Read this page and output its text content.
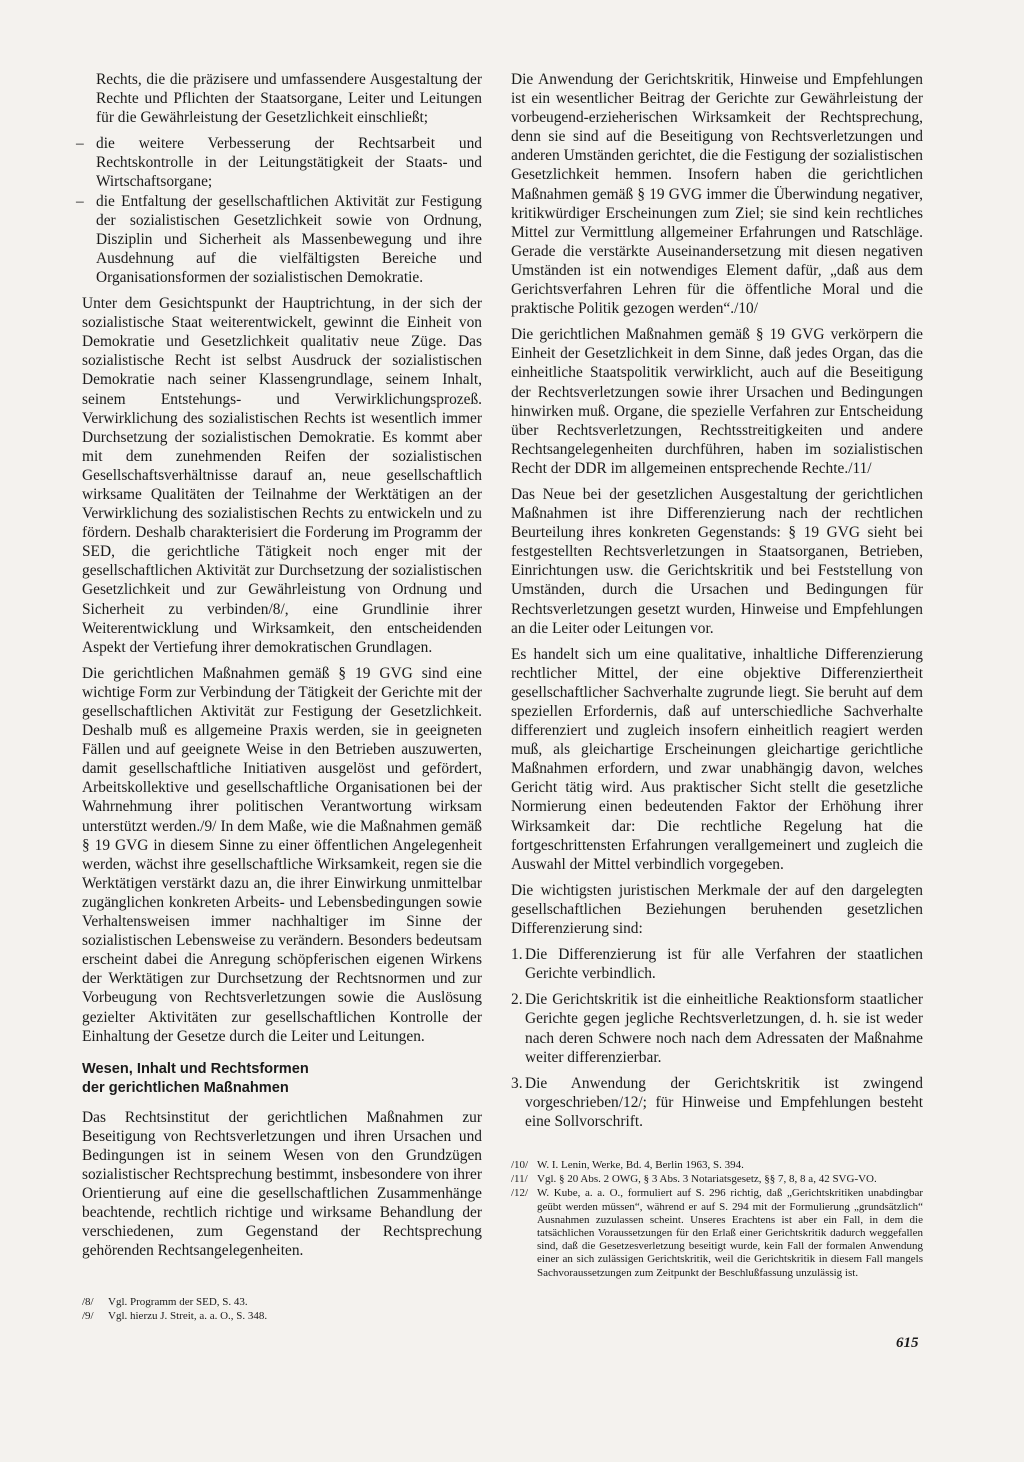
Rechts, die die präzisere und umfassendere Ausgestaltung der Rechte und Pflichten der Staatsorgane, Leiter und Leitungen für die Gewährleistung der Gesetzlichkeit einschließt;

– die weitere Verbesserung der Rechtsarbeit und Rechtskontrolle in der Leitungstätigkeit der Staats- und Wirtschaftsorgane;

– die Entfaltung der gesellschaftlichen Aktivität zur Festigung der sozialistischen Gesetzlichkeit sowie von Ordnung, Disziplin und Sicherheit als Massenbewegung und ihre Ausdehnung auf die vielfältigsten Bereiche und Organisationsformen der sozialistischen Demokratie.

Unter dem Gesichtspunkt der Hauptrichtung, in der sich der sozialistische Staat weiterentwickelt, gewinnt die Einheit von Demokratie und Gesetzlichkeit qualitativ neue Züge. Das sozialistische Recht ist selbst Ausdruck der sozialistischen Demokratie nach seiner Klassengrundlage, seinem Inhalt, seinem Entstehungs- und Verwirklichungsprozeß. Verwirklichung des sozialistischen Rechts ist wesentlich immer Durchsetzung der sozialistischen Demokratie. Es kommt aber mit dem zunehmenden Reifen der sozialistischen Gesellschaftsverhältnisse darauf an, neue gesellschaftlich wirksame Qualitäten der Teilnahme der Werktätigen an der Verwirklichung des sozialistischen Rechts zu entwickeln und zu fördern. Deshalb charakterisiert die Forderung im Programm der SED, die gerichtliche Tätigkeit noch enger mit der gesellschaftlichen Aktivität zur Durchsetzung der sozialistischen Gesetzlichkeit und zur Gewährleistung von Ordnung und Sicherheit zu verbinden/8/, eine Grundlinie ihrer Weiterentwicklung und Wirksamkeit, den entscheidenden Aspekt der Vertiefung ihrer demokratischen Grundlagen.

Die gerichtlichen Maßnahmen gemäß § 19 GVG sind eine wichtige Form zur Verbindung der Tätigkeit der Gerichte mit der gesellschaftlichen Aktivität zur Festigung der Gesetzlichkeit. Deshalb muß es allgemeine Praxis werden, sie in geeigneten Fällen und auf geeignete Weise in den Betrieben auszuwerten, damit gesellschaftliche Initiativen ausgelöst und gefördert, Arbeitskollektive und gesellschaftliche Organisationen bei der Wahrnehmung ihrer politischen Verantwortung wirksam unterstützt werden./9/ In dem Maße, wie die Maßnahmen gemäß § 19 GVG in diesem Sinne zu einer öffentlichen Angelegenheit werden, wächst ihre gesellschaftliche Wirksamkeit, regen sie die Werktätigen verstärkt dazu an, die ihrer Einwirkung unmittelbar zugänglichen konkreten Arbeits- und Lebensbedingungen sowie Verhaltensweisen immer nachhaltiger im Sinne der sozialistischen Lebensweise zu verändern. Besonders bedeutsam erscheint dabei die Anregung schöpferischen eigenen Wirkens der Werktätigen zur Durchsetzung der Rechtsnormen und zur Vorbeugung von Rechtsverletzungen sowie die Auslösung gezielter Aktivitäten zur gesellschaftlichen Kontrolle der Einhaltung der Gesetze durch die Leiter und Leitungen.

Wesen, Inhalt und Rechtsformen
der gerichtlichen Maßnahmen

Das Rechtsinstitut der gerichtlichen Maßnahmen zur Beseitigung von Rechtsverletzungen und ihren Ursachen und Bedingungen ist in seinem Wesen von den Grundzügen sozialistischer Rechtsprechung bestimmt, insbesondere von ihrer Orientierung auf eine die gesellschaftlichen Zusammenhänge beachtende, rechtlich richtige und wirksame Behandlung der verschiedenen, zum Gegenstand der Rechtsprechung gehörenden Rechtsangelegenheiten.

/8/ Vgl. Programm der SED, S. 43.

/9/ Vgl. hierzu J. Streit, a. a. O., S. 348.

Die Anwendung der Gerichtskritik, Hinweise und Empfehlungen ist ein wesentlicher Beitrag der Gerichte zur Gewährleistung der vorbeugend-erzieherischen Wirksamkeit der Rechtsprechung, denn sie sind auf die Beseitigung von Rechtsverletzungen und anderen Umständen gerichtet, die die Festigung der sozialistischen Gesetzlichkeit hemmen. Insofern haben die gerichtlichen Maßnahmen gemäß § 19 GVG immer die Überwindung negativer, kritikwürdiger Erscheinungen zum Ziel; sie sind kein rechtliches Mittel zur Vermittlung allgemeiner Erfahrungen und Ratschläge. Gerade die verstärkte Auseinandersetzung mit diesen negativen Umständen ist ein notwendiges Element dafür, „daß aus dem Gerichtsverfahren Lehren für die öffentliche Moral und die praktische Politik gezogen werden“./10/

Die gerichtlichen Maßnahmen gemäß § 19 GVG verkörpern die Einheit der Gesetzlichkeit in dem Sinne, daß jedes Organ, das die einheitliche Staatspolitik verwirklicht, auch auf die Beseitigung der Rechtsverletzungen sowie ihrer Ursachen und Bedingungen hinwirken muß. Organe, die spezielle Verfahren zur Entscheidung über Rechtsverletzungen, Rechtsstreitigkeiten und andere Rechtsangelegenheiten durchführen, haben im sozialistischen Recht der DDR im allgemeinen entsprechende Rechte./11/

Das Neue bei der gesetzlichen Ausgestaltung der gerichtlichen Maßnahmen ist ihre Differenzierung nach der rechtlichen Beurteilung ihres konkreten Gegenstands: § 19 GVG sieht bei festgestellten Rechtsverletzungen in Staatsorganen, Betrieben, Einrichtungen usw. die Gerichtskritik und bei Feststellung von Umständen, durch die Ursachen und Bedingungen für Rechtsverletzungen gesetzt wurden, Hinweise und Empfehlungen an die Leiter oder Leitungen vor.

Es handelt sich um eine qualitative, inhaltliche Differenzierung rechtlicher Mittel, der eine objektive Differenziertheit gesellschaftlicher Sachverhalte zugrunde liegt. Sie beruht auf dem speziellen Erfordernis, daß auf unterschiedliche Sachverhalte differenziert und zugleich insofern einheitlich reagiert werden muß, als gleichartige Erscheinungen gleichartige gerichtliche Maßnahmen erfordern, und zwar unabhängig davon, welches Gericht tätig wird. Aus praktischer Sicht stellt die gesetzliche Normierung einen bedeutenden Faktor der Erhöhung ihrer Wirksamkeit dar: Die rechtliche Regelung hat die fortgeschrittensten Erfahrungen verallgemeinert und zugleich die Auswahl der Mittel verbindlich vorgegeben.

Die wichtigsten juristischen Merkmale der auf den dargelegten gesellschaftlichen Beziehungen beruhenden gesetzlichen Differenzierung sind:

1. Die Differenzierung ist für alle Verfahren der staatlichen Gerichte verbindlich.

2. Die Gerichtskritik ist die einheitliche Reaktionsform staatlicher Gerichte gegen jegliche Rechtsverletzungen, d. h. sie ist weder nach deren Schwere noch nach dem Adressaten der Maßnahme weiter differenzierbar.

3. Die Anwendung der Gerichtskritik ist zwingend vorgeschrieben/12/; für Hinweise und Empfehlungen besteht eine Sollvorschrift.

/10/ W. I. Lenin, Werke, Bd. 4, Berlin 1963, S. 394.

/11/ Vgl. § 20 Abs. 2 OWG, § 3 Abs. 3 Notariatsgesetz, §§ 7, 8, 8 a, 42 SVG-VO.

/12/ W. Kube, a. a. O., formuliert auf S. 296 richtig, daß „Gerichtskritiken unabdingbar geübt werden müssen“, während er auf S. 294 mit der Formulierung „grundsätzlich“ Ausnahmen zuzulassen scheint. Unseres Erachtens ist aber ein Fall, in dem die tatsächlichen Voraussetzungen für den Erlaß einer Gerichtskritik dadurch weggefallen sind, daß die Gesetzesverletzung beseitigt wurde, kein Fall der formalen Anwendung einer an sich zulässigen Gerichtskritik, weil die Gerichtskritik in diesem Fall mangels Sachvoraussetzungen zum Zeitpunkt der Beschlußfassung unzulässig ist.

615
